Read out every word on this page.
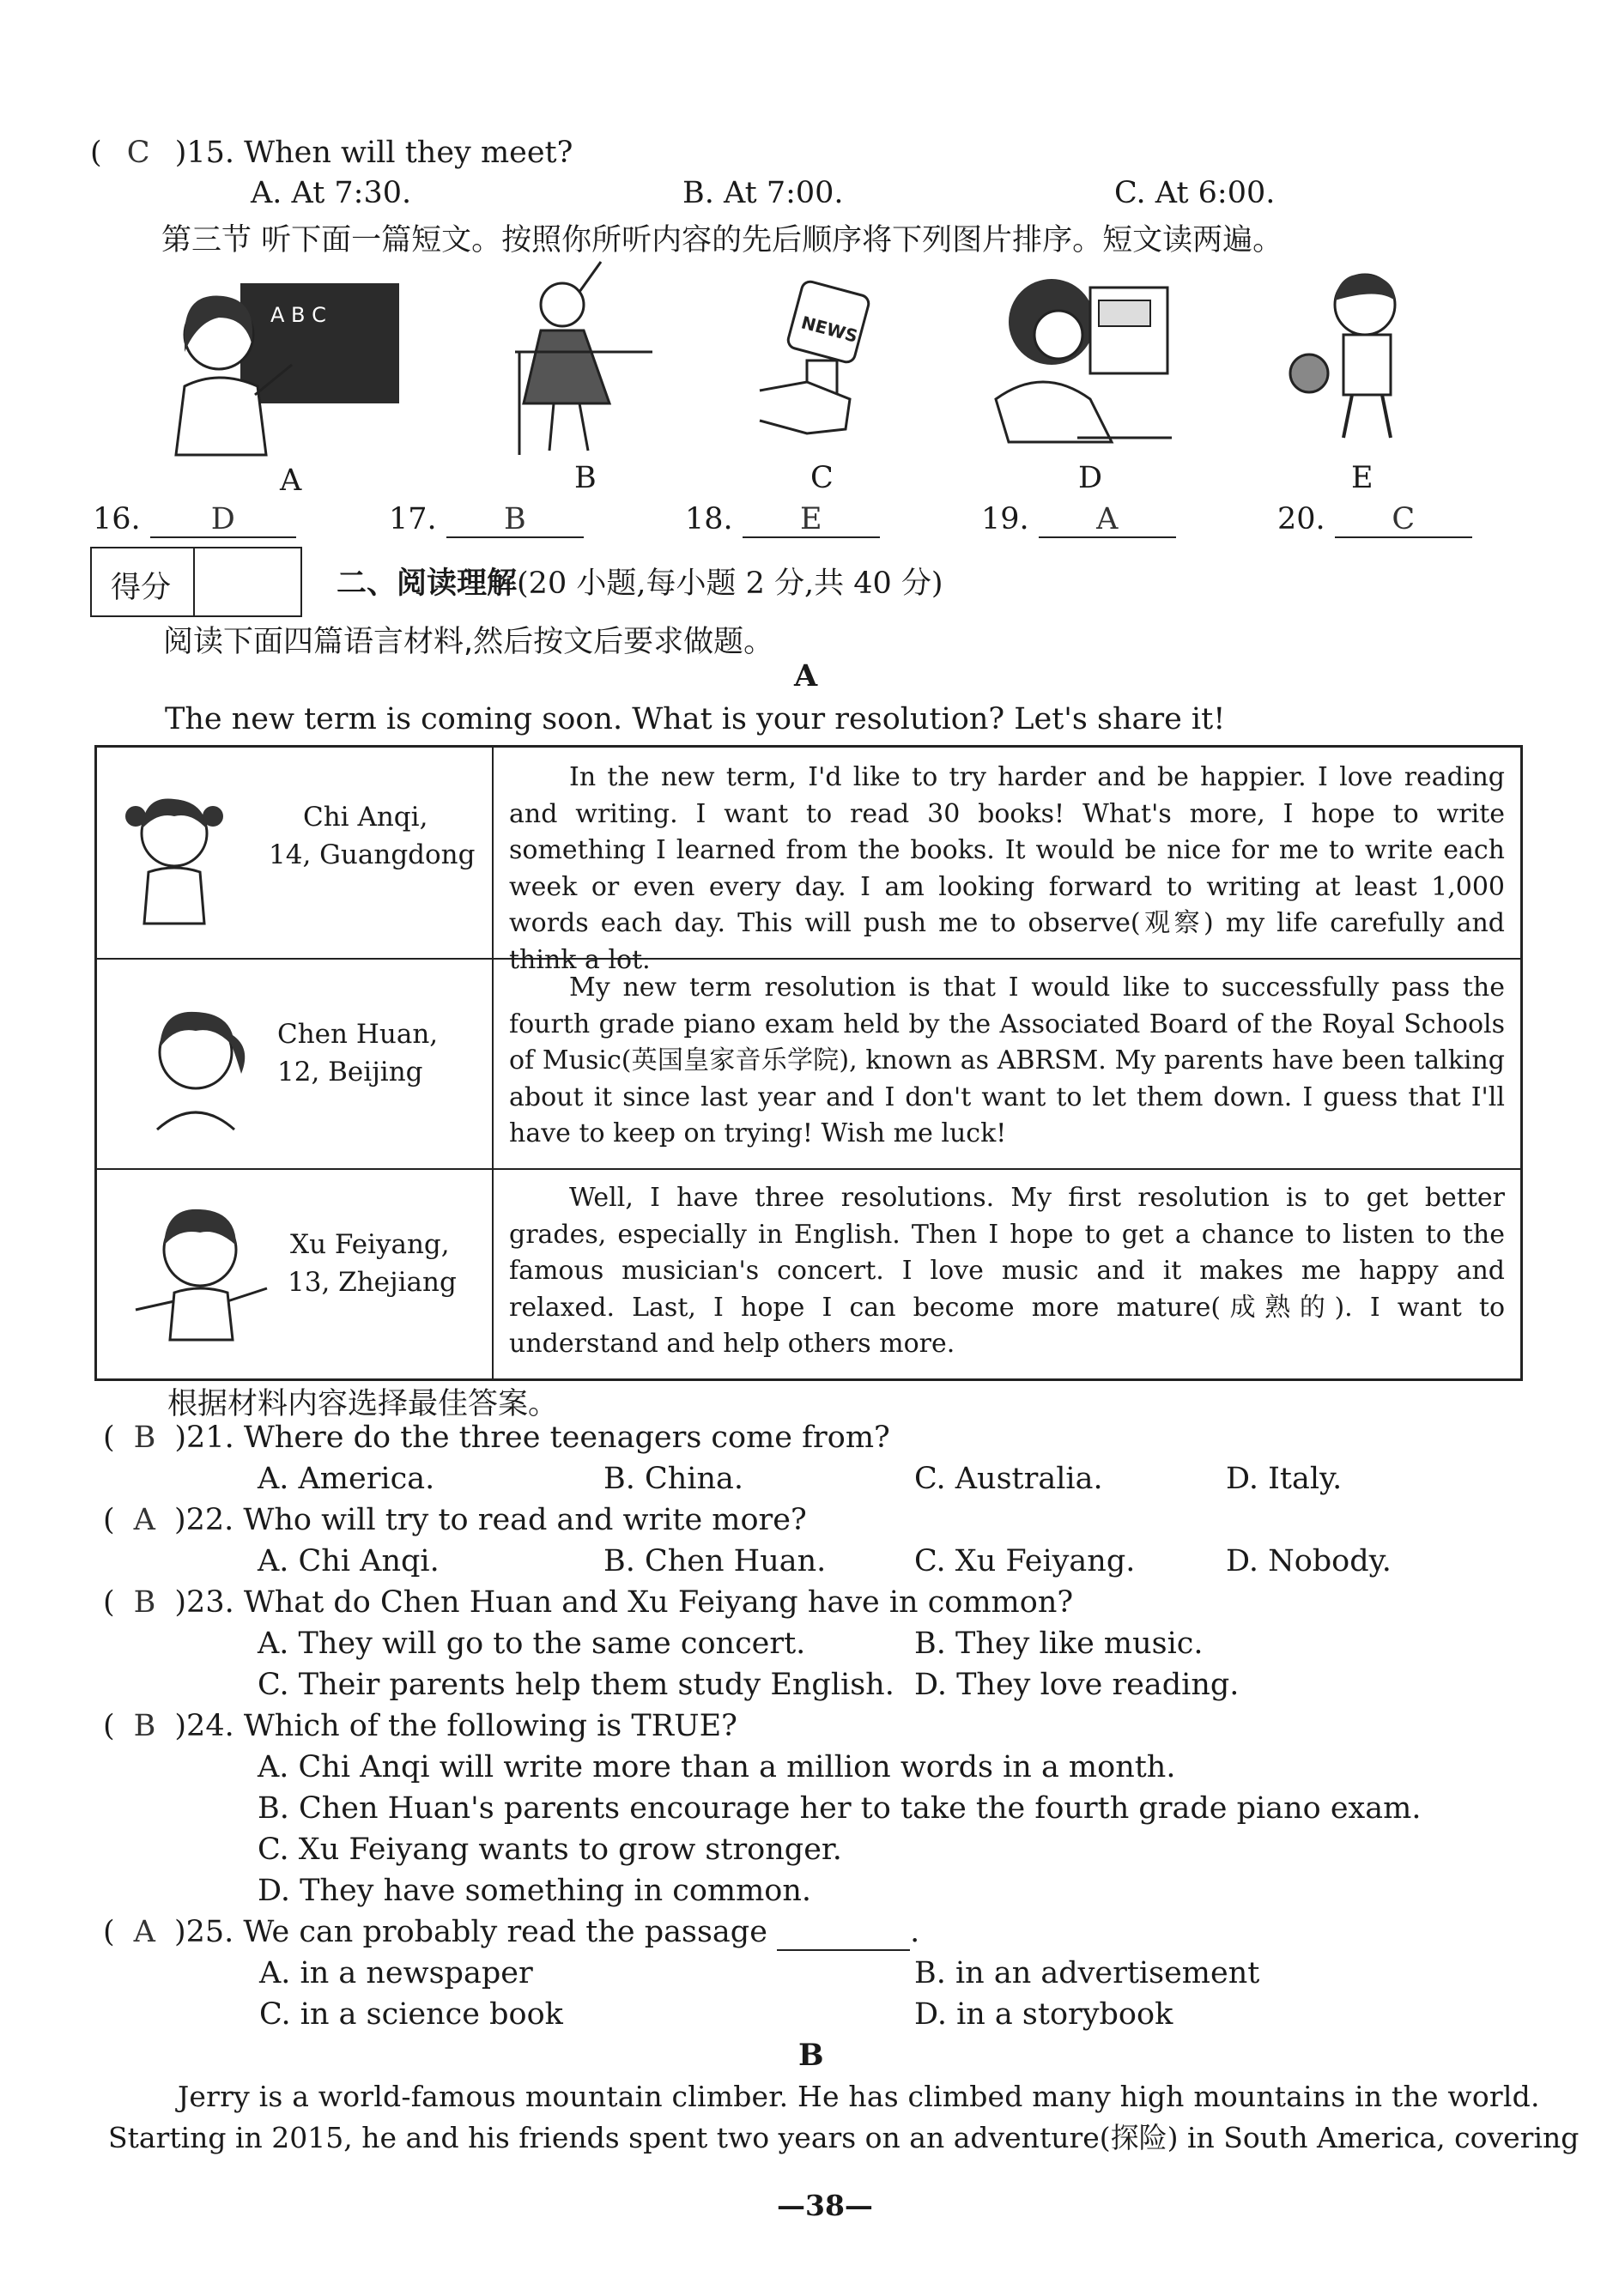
( C )15. When will they meet?
A. At 7:30.	B. At 7:00.	C. At 6:00.
第三节 听下面一篇短文。按照你所听内容的先后顺序将下列图片排序。短文读两遍。
A B C	NEWS
A	B	C	D	E
16. D	17. B	18. E	19. A	20. C
得分	二、阅读理解(20 小题,每小题 2 分,共 40 分)
阅读下面四篇语言材料,然后按文后要求做题。
A
The new term is coming soon. What is your resolution? Let's share it!
Chi Anqi,
14, Guangdong

In the new term, I'd like to try harder and be happier. I love reading and writing. I want to read 30 books! What's more, I hope to write something I learned from the books. It would be nice for me to write each week or even every day. I am looking forward to writing at least 1,000 words each day. This will push me to observe(观察) my life carefully and think a lot.

Chen Huan,
12, Beijing

My new term resolution is that I would like to successfully pass the fourth grade piano exam held by the Associated Board of the Royal Schools of Music(英国皇家音乐学院), known as ABRSM. My parents have been talking about it since last year and I don't want to let them down. I guess that I'll have to keep on trying! Wish me luck!

Xu Feiyang,
13, Zhejiang

Well, I have three resolutions. My first resolution is to get better grades, especially in English. Then I hope to get a chance to listen to the famous musician's concert. I love music and it makes me happy and relaxed. Last, I hope I can become more mature(成熟的). I want to understand and help others more.

根据材料内容选择最佳答案。
( B )21. Where do the three teenagers come from?
A. America.	B. China.	C. Australia.	D. Italy.
( A )22. Who will try to read and write more?
A. Chi Anqi.	B. Chen Huan.	C. Xu Feiyang.	D. Nobody.
( B )23. What do Chen Huan and Xu Feiyang have in common?
A. They will go to the same concert.	B. They like music.
C. Their parents help them study English. D. They love reading.
( B )24. Which of the following is TRUE?
A. Chi Anqi will write more than a million words in a month.
B. Chen Huan's parents encourage her to take the fourth grade piano exam.
C. Xu Feiyang wants to grow stronger.
D. They have something in common.
( A )25. We can probably read the passage	.
A. in a newspaper	B. in an advertisement
C. in a science book	D. in a storybook
B
Jerry is a world-famous mountain climber. He has climbed many high mountains in the world.
Starting in 2015, he and his friends spent two years on an adventure(探险) in South America, covering
—38—
